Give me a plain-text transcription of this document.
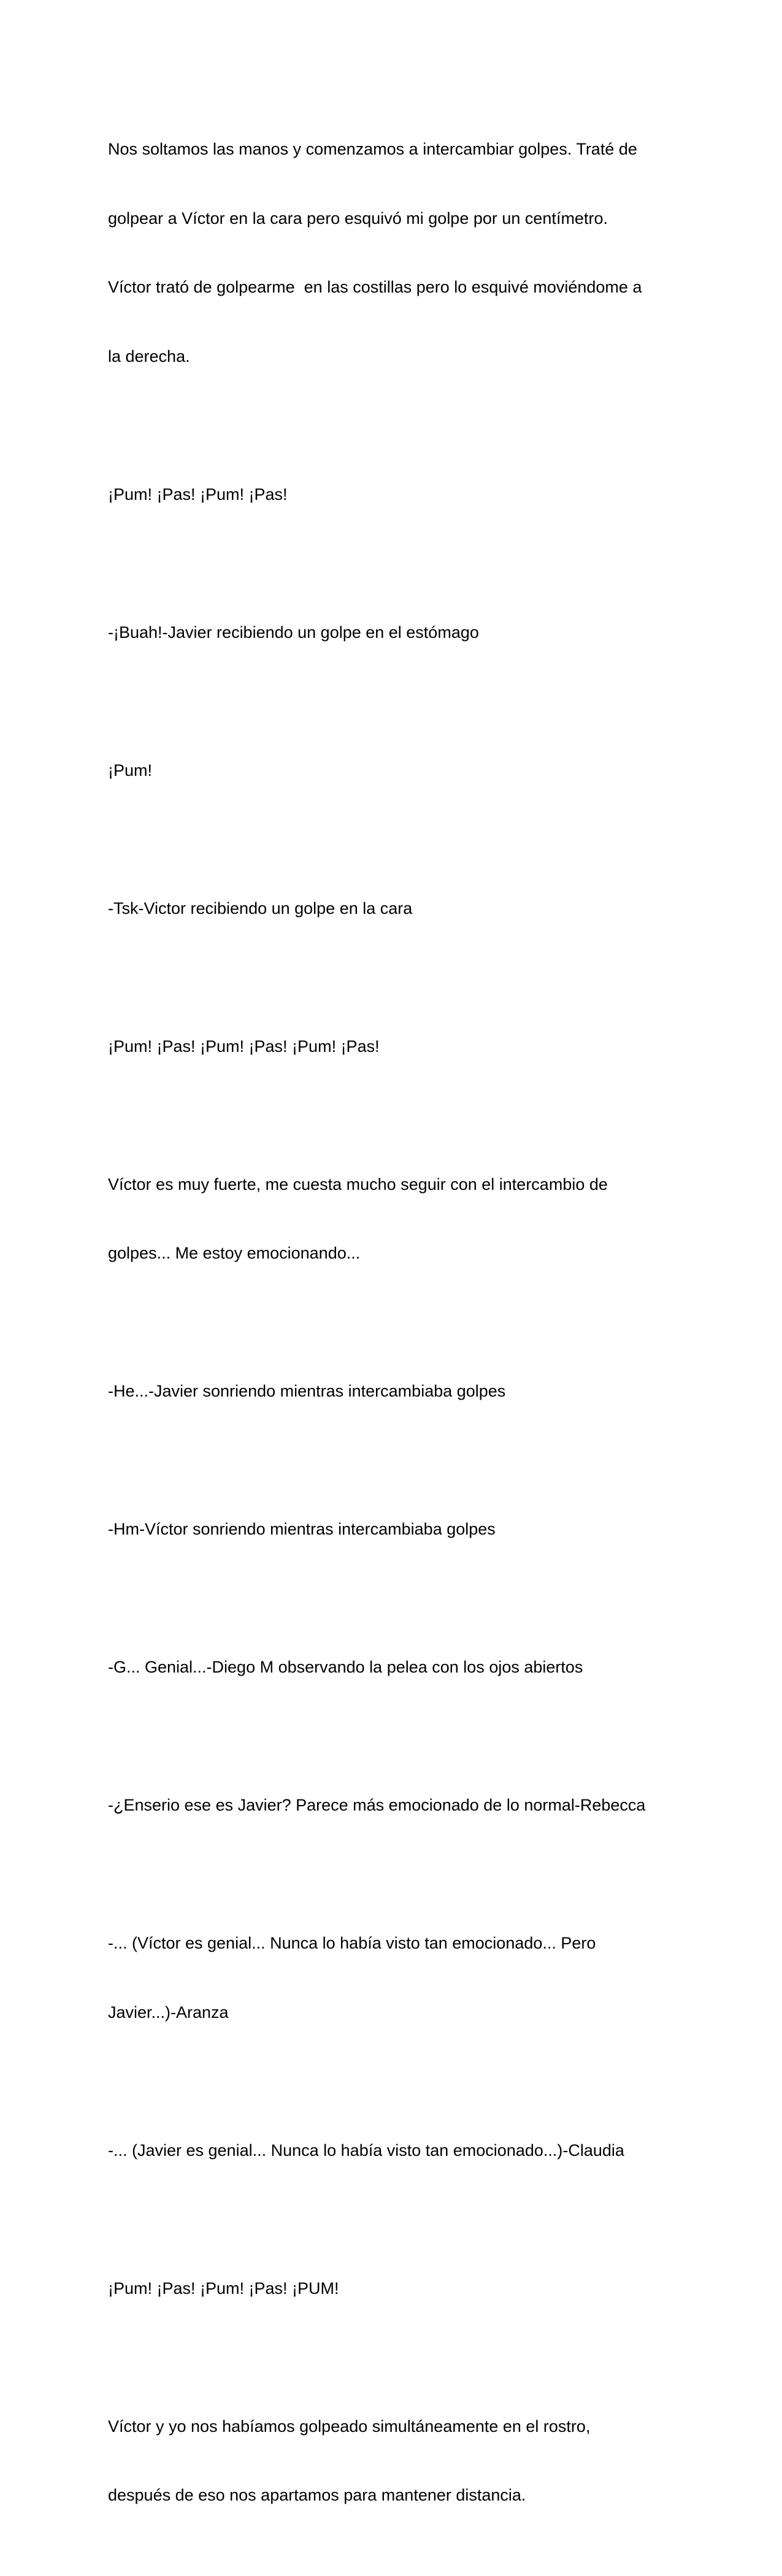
Nos soltamos las manos y comenzamos a intercambiar golpes. Traté de

golpear a Víctor en la cara pero esquivó mi golpe por un centímetro.

Víctor trató de golpearme  en las costillas pero lo esquivé moviéndome a

la derecha.

¡Pum! ¡Pas! ¡Pum! ¡Pas!

-¡Buah!-Javier recibiendo un golpe en el estómago

¡Pum!

-Tsk-Victor recibiendo un golpe en la cara

¡Pum! ¡Pas! ¡Pum! ¡Pas! ¡Pum! ¡Pas!

Víctor es muy fuerte, me cuesta mucho seguir con el intercambio de

golpes... Me estoy emocionando...

-He...-Javier sonriendo mientras intercambiaba golpes

-Hm-Víctor sonriendo mientras intercambiaba golpes

-G... Genial...-Diego M observando la pelea con los ojos abiertos

-¿Enserio ese es Javier? Parece más emocionado de lo normal-Rebecca

-... (Víctor es genial... Nunca lo había visto tan emocionado... Pero

Javier...)-Aranza

-... (Javier es genial... Nunca lo había visto tan emocionado...)-Claudia

¡Pum! ¡Pas! ¡Pum! ¡Pas! ¡PUM!

Víctor y yo nos habíamos golpeado simultáneamente en el rostro,

después de eso nos apartamos para mantener distancia.
